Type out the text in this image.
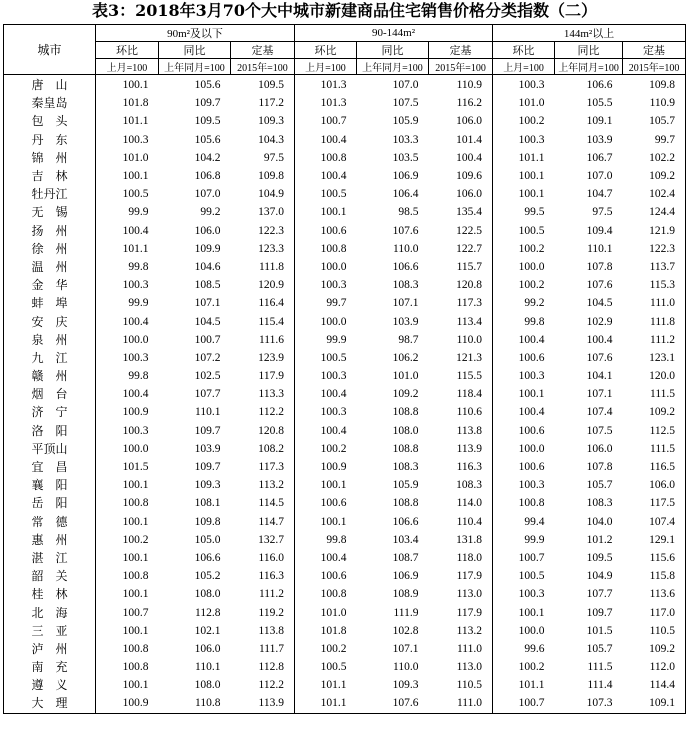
表3：2018年3月70个大中城市新建商品住宅销售价格分类指数（二）
城市	90m²及以下			90-144m²			144m²以上		
	环比	同比	定基	环比	同比	定基	环比	同比	定基
	上月=100	上年同月=100	2015年=100	上月=100	上年同月=100	2015年=100	上月=100	上年同月=100	2015年=100
唐　山	100.1	105.6	109.5	101.3	107.0	110.9	100.3	106.6	109.8
秦皇岛	101.8	109.7	117.2	101.3	107.5	116.2	101.0	105.5	110.9
包　头	101.1	109.5	109.3	100.7	105.9	106.0	100.2	109.1	105.7
丹　东	100.3	105.6	104.3	100.4	103.3	101.4	100.3	103.9	99.7
锦　州	101.0	104.2	97.5	100.8	103.5	100.4	101.1	106.7	102.2
吉　林	100.1	106.8	109.8	100.4	106.9	109.6	100.1	107.0	109.2
牡丹江	100.5	107.0	104.9	100.5	106.4	106.0	100.1	104.7	102.4
无　锡	99.9	99.2	137.0	100.1	98.5	135.4	99.5	97.5	124.4
扬　州	100.4	106.0	122.3	100.6	107.6	122.5	100.5	109.4	121.9
徐　州	101.1	109.9	123.3	100.8	110.0	122.7	100.2	110.1	122.3
温　州	99.8	104.6	111.8	100.0	106.6	115.7	100.0	107.8	113.7
金　华	100.3	108.5	120.9	100.3	108.3	120.8	100.2	107.6	115.3
蚌　埠	99.9	107.1	116.4	99.7	107.1	117.3	99.2	104.5	111.0
安　庆	100.4	104.5	115.4	100.0	103.9	113.4	99.8	102.9	111.8
泉　州	100.0	100.7	111.6	99.9	98.7	110.0	100.4	100.4	111.2
九　江	100.3	107.2	123.9	100.5	106.2	121.3	100.6	107.6	123.1
赣　州	99.8	102.5	117.9	100.3	101.0	115.5	100.3	104.1	120.0
烟　台	100.4	107.7	113.3	100.4	109.2	118.4	100.1	107.1	111.5
济　宁	100.9	110.1	112.2	100.3	108.8	110.6	100.4	107.4	109.2
洛　阳	100.3	109.7	120.8	100.4	108.0	113.8	100.6	107.5	112.5
平顶山	100.0	103.9	108.2	100.2	108.8	113.9	100.0	106.0	111.5
宜　昌	101.5	109.7	117.3	100.9	108.3	116.3	100.6	107.8	116.5
襄　阳	100.1	109.3	113.2	100.1	105.9	108.3	100.3	105.7	106.0
岳　阳	100.8	108.1	114.5	100.6	108.8	114.0	100.8	108.3	117.5
常　德	100.1	109.8	114.7	100.1	106.6	110.4	99.4	104.0	107.4
惠　州	100.2	105.0	132.7	99.8	103.4	131.8	99.9	101.2	129.1
湛　江	100.1	106.6	116.0	100.4	108.7	118.0	100.7	109.5	115.6
韶　关	100.8	105.2	116.3	100.6	106.9	117.9	100.5	104.9	115.8
桂　林	100.1	108.0	111.2	100.8	108.9	113.0	100.3	107.7	113.6
北　海	100.7	112.8	119.2	101.0	111.9	117.9	100.1	109.7	117.0
三　亚	100.1	102.1	113.8	101.8	102.8	113.2	100.0	101.5	110.5
泸　州	100.8	106.0	111.7	100.2	107.1	111.0	99.6	105.7	109.2
南　充	100.8	110.1	112.8	100.5	110.0	113.0	100.2	111.5	112.0
遵　义	100.1	108.0	112.2	101.1	109.3	110.5	101.1	111.4	114.4
大　理	100.9	110.8	113.9	101.1	107.6	111.0	100.7	107.3	109.1
